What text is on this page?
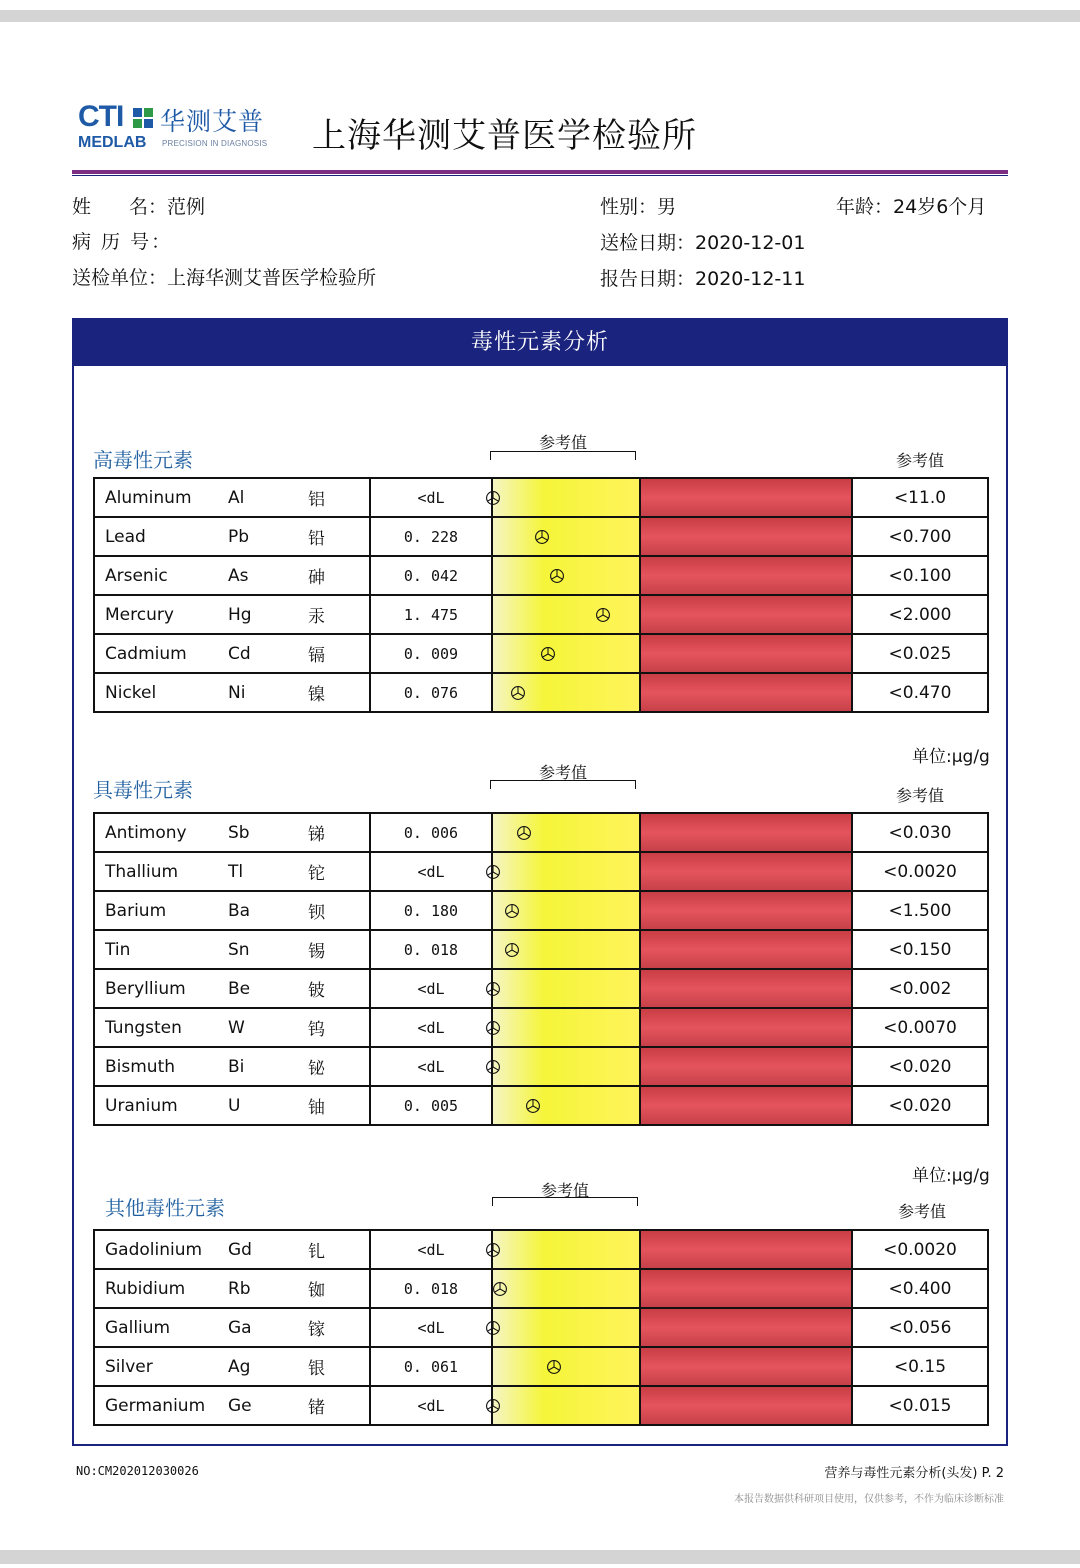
CTI 华测艾普
MEDLAB PRECISION IN DIAGNOSIS 上海华测艾普医学检验所
姓　　名：范例
病 历 号：
送检单位：上海华测艾普医学检验所
性别：男	年龄：24岁6个月
送检日期：2020-12-01
报告日期：2020-12-11
毒性元素分析
高毒性元素
参考值
参考值
Aluminum	Al	铝	<dL			<11.0
Lead	Pb	铅	0. 228			<0.700
Arsenic	As	砷	0. 042			<0.100
Mercury	Hg	汞	1. 475			<2.000
Cadmium	Cd	镉	0. 009			<0.025
Nickel	Ni	镍	0. 076			<0.470
单位:μg/g
具毒性元素
参考值
参考值
Antimony	Sb	锑	0. 006			<0.030
Thallium	Tl	铊	<dL			<0.0020
Barium	Ba	钡	0. 180			<1.500
Tin	Sn	锡	0. 018			<0.150
Beryllium	Be	铍	<dL			<0.002
Tungsten	W	钨	<dL			<0.0070
Bismuth	Bi	铋	<dL			<0.020
Uranium	U	铀	0. 005			<0.020
单位:μg/g
其他毒性元素
参考值
参考值
Gadolinium	Gd	钆	<dL			<0.0020
Rubidium	Rb	铷	0. 018			<0.400
Gallium	Ga	镓	<dL			<0.056
Silver	Ag	银	0. 061			<0.15
Germanium	Ge	锗	<dL			<0.015
NO:CM202012030026	营养与毒性元素分析(头发) P. 2
本报告数据供科研项目使用，仅供参考，不作为临床诊断标准
